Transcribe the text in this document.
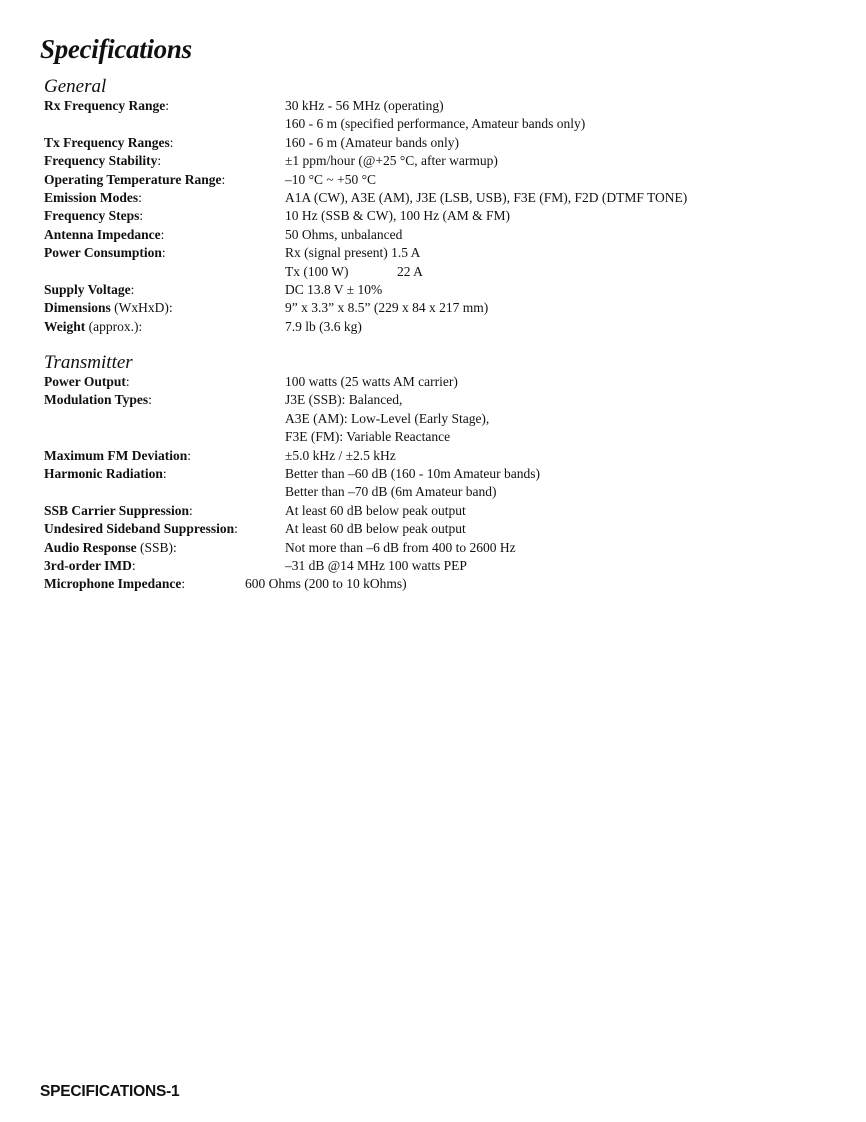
Specifications
General
Rx Frequency Range:	30 kHz - 56 MHz (operating)
160 - 6 m (specified performance, Amateur bands only)
Tx Frequency Ranges:	160 - 6 m (Amateur bands only)
Frequency Stability:	±1 ppm/hour (@+25 °C, after warmup)
Operating Temperature Range:	–10 °C ~ +50 °C
Emission Modes:	A1A (CW), A3E (AM), J3E (LSB, USB), F3E (FM), F2D (DTMF TONE)
Frequency Steps:	10 Hz (SSB & CW), 100 Hz (AM & FM)
Antenna Impedance:	50 Ohms, unbalanced
Power Consumption:	Rx (signal present) 1.5 A
Tx (100 W)	22 A
Supply Voltage:	DC 13.8 V ± 10%
Dimensions (WxHxD):	9” x 3.3” x 8.5” (229 x 84 x 217 mm)
Weight (approx.):	7.9 lb (3.6 kg)
Transmitter
Power Output:	100 watts (25 watts AM carrier)
Modulation Types:	J3E (SSB): Balanced,
A3E (AM): Low-Level (Early Stage),
F3E (FM): Variable Reactance
Maximum FM Deviation:	±5.0 kHz / ±2.5 kHz
Harmonic Radiation:	Better than –60 dB (160 - 10m Amateur bands)
Better than –70 dB (6m Amateur band)
SSB Carrier Suppression:	At least 60 dB below peak output
Undesired Sideband Suppression:	At least 60 dB below peak output
Audio Response (SSB):	Not more than –6 dB from 400 to 2600 Hz
3rd-order IMD:	–31 dB @14 MHz 100 watts PEP
Microphone Impedance:	600 Ohms (200 to 10 kOhms)
SPECIFICATIONS-1
